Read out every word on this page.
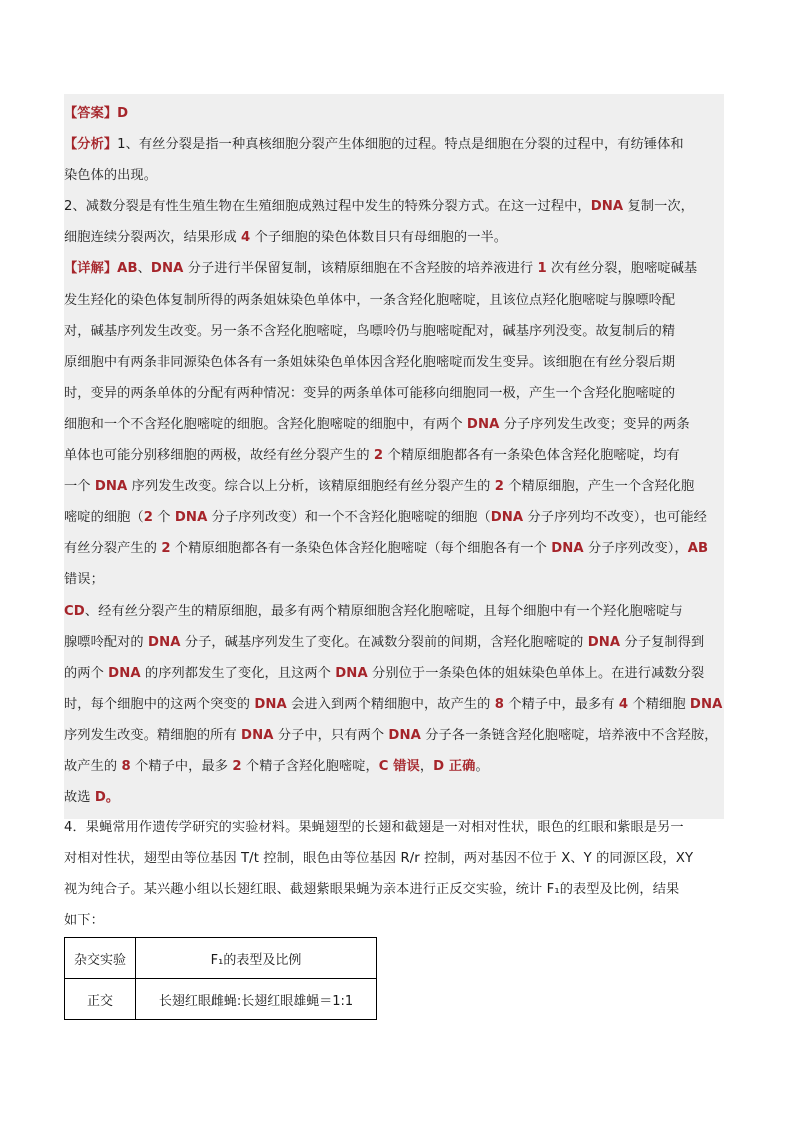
【答案】D
【分析】1、有丝分裂是指一种真核细胞分裂产生体细胞的过程。特点是细胞在分裂的过程中，有纺锤体和
染色体的出现。
2、减数分裂是有性生殖生物在生殖细胞成熟过程中发生的特殊分裂方式。在这一过程中，DNA 复制一次，
细胞连续分裂两次，结果形成 4 个子细胞的染色体数目只有母细胞的一半。
【详解】AB、DNA 分子进行半保留复制，该精原细胞在不含羟胺的培养液进行 1 次有丝分裂，胞嘧啶碱基
发生羟化的染色体复制所得的两条姐妹染色单体中，一条含羟化胞嘧啶，且该位点羟化胞嘧啶与腺嘌呤配
对，碱基序列发生改变。另一条不含羟化胞嘧啶，鸟嘌呤仍与胞嘧啶配对，碱基序列没变。故复制后的精
原细胞中有两条非同源染色体各有一条姐妹染色单体因含羟化胞嘧啶而发生变异。该细胞在有丝分裂后期
时，变异的两条单体的分配有两种情况：变异的两条单体可能移向细胞同一极，产生一个含羟化胞嘧啶的
细胞和一个不含羟化胞嘧啶的细胞。含羟化胞嘧啶的细胞中，有两个 DNA 分子序列发生改变；变异的两条
单体也可能分别移细胞的两极，故经有丝分裂产生的 2 个精原细胞都各有一条染色体含羟化胞嘧啶，均有
一个 DNA 序列发生改变。综合以上分析，该精原细胞经有丝分裂产生的 2 个精原细胞，产生一个含羟化胞
嘧啶的细胞（2 个 DNA 分子序列改变）和一个不含羟化胞嘧啶的细胞（DNA 分子序列均不改变），也可能经
有丝分裂产生的 2 个精原细胞都各有一条染色体含羟化胞嘧啶（每个细胞各有一个 DNA 分子序列改变），AB
错误；
CD、经有丝分裂产生的精原细胞，最多有两个精原细胞含羟化胞嘧啶，且每个细胞中有一个羟化胞嘧啶与
腺嘌呤配对的 DNA 分子，碱基序列发生了变化。在减数分裂前的间期，含羟化胞嘧啶的 DNA 分子复制得到
的两个 DNA 的序列都发生了变化，且这两个 DNA 分别位于一条染色体的姐妹染色单体上。在进行减数分裂
时，每个细胞中的这两个突变的 DNA 会进入到两个精细胞中，故产生的 8 个精子中，最多有 4 个精细胞 DNA
序列发生改变。精细胞的所有 DNA 分子中，只有两个 DNA 分子各一条链含羟化胞嘧啶，培养液中不含羟胺，
故产生的 8 个精子中，最多 2 个精子含羟化胞嘧啶，C 错误，D 正确。
故选 D。
4．果蝇常用作遗传学研究的实验材料。果蝇翅型的长翅和截翅是一对相对性状，眼色的红眼和紫眼是另一
对相对性状，翅型由等位基因 T/t 控制，眼色由等位基因 R/r 控制，两对基因不位于 X、Y 的同源区段，XY
视为纯合子。某兴趣小组以长翅红眼、截翅紫眼果蝇为亲本进行正反交实验，统计 F₁的表型及比例，结果
如下：
杂交实验	F₁的表型及比例
正交	长翅红眼雌蝇:长翅红眼雄蝇＝1:1
